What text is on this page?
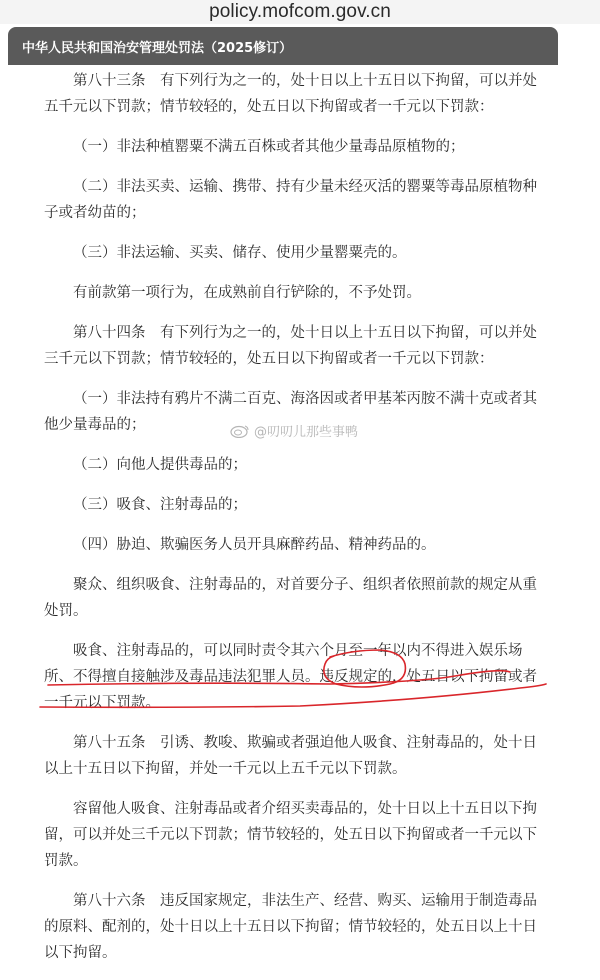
policy.mofcom.gov.cn
中华人民共和国治安管理处罚法（2025修订）

第八十三条　有下列行为之一的，处十日以上十五日以下拘留，可以并处五千元以下罚款；情节较轻的，处五日以下拘留或者一千元以下罚款：

（一）非法种植罂粟不满五百株或者其他少量毒品原植物的；

（二）非法买卖、运输、携带、持有少量未经灭活的罂粟等毒品原植物种子或者幼苗的；

（三）非法运输、买卖、储存、使用少量罂粟壳的。

有前款第一项行为，在成熟前自行铲除的，不予处罚。

第八十四条　有下列行为之一的，处十日以上十五日以下拘留，可以并处三千元以下罚款；情节较轻的，处五日以下拘留或者一千元以下罚款：

（一）非法持有鸦片不满二百克、海洛因或者甲基苯丙胺不满十克或者其他少量毒品的；

（二）向他人提供毒品的；

（三）吸食、注射毒品的；

（四）胁迫、欺骗医务人员开具麻醉药品、精神药品的。

聚众、组织吸食、注射毒品的，对首要分子、组织者依照前款的规定从重处罚。

吸食、注射毒品的，可以同时责令其六个月至一年以内不得进入娱乐场所、不得擅自接触涉及毒品违法犯罪人员。违反规定的，处五日以下拘留或者一千元以下罚款。

第八十五条　引诱、教唆、欺骗或者强迫他人吸食、注射毒品的，处十日以上十五日以下拘留，并处一千元以上五千元以下罚款。

容留他人吸食、注射毒品或者介绍买卖毒品的，处十日以上十五日以下拘留，可以并处三千元以下罚款；情节较轻的，处五日以下拘留或者一千元以下罚款。

第八十六条　违反国家规定，非法生产、经营、购买、运输用于制造毒品的原料、配剂的，处十日以上十五日以下拘留；情节较轻的，处五日以上十日以下拘留。

@叨叨儿那些事鸭
